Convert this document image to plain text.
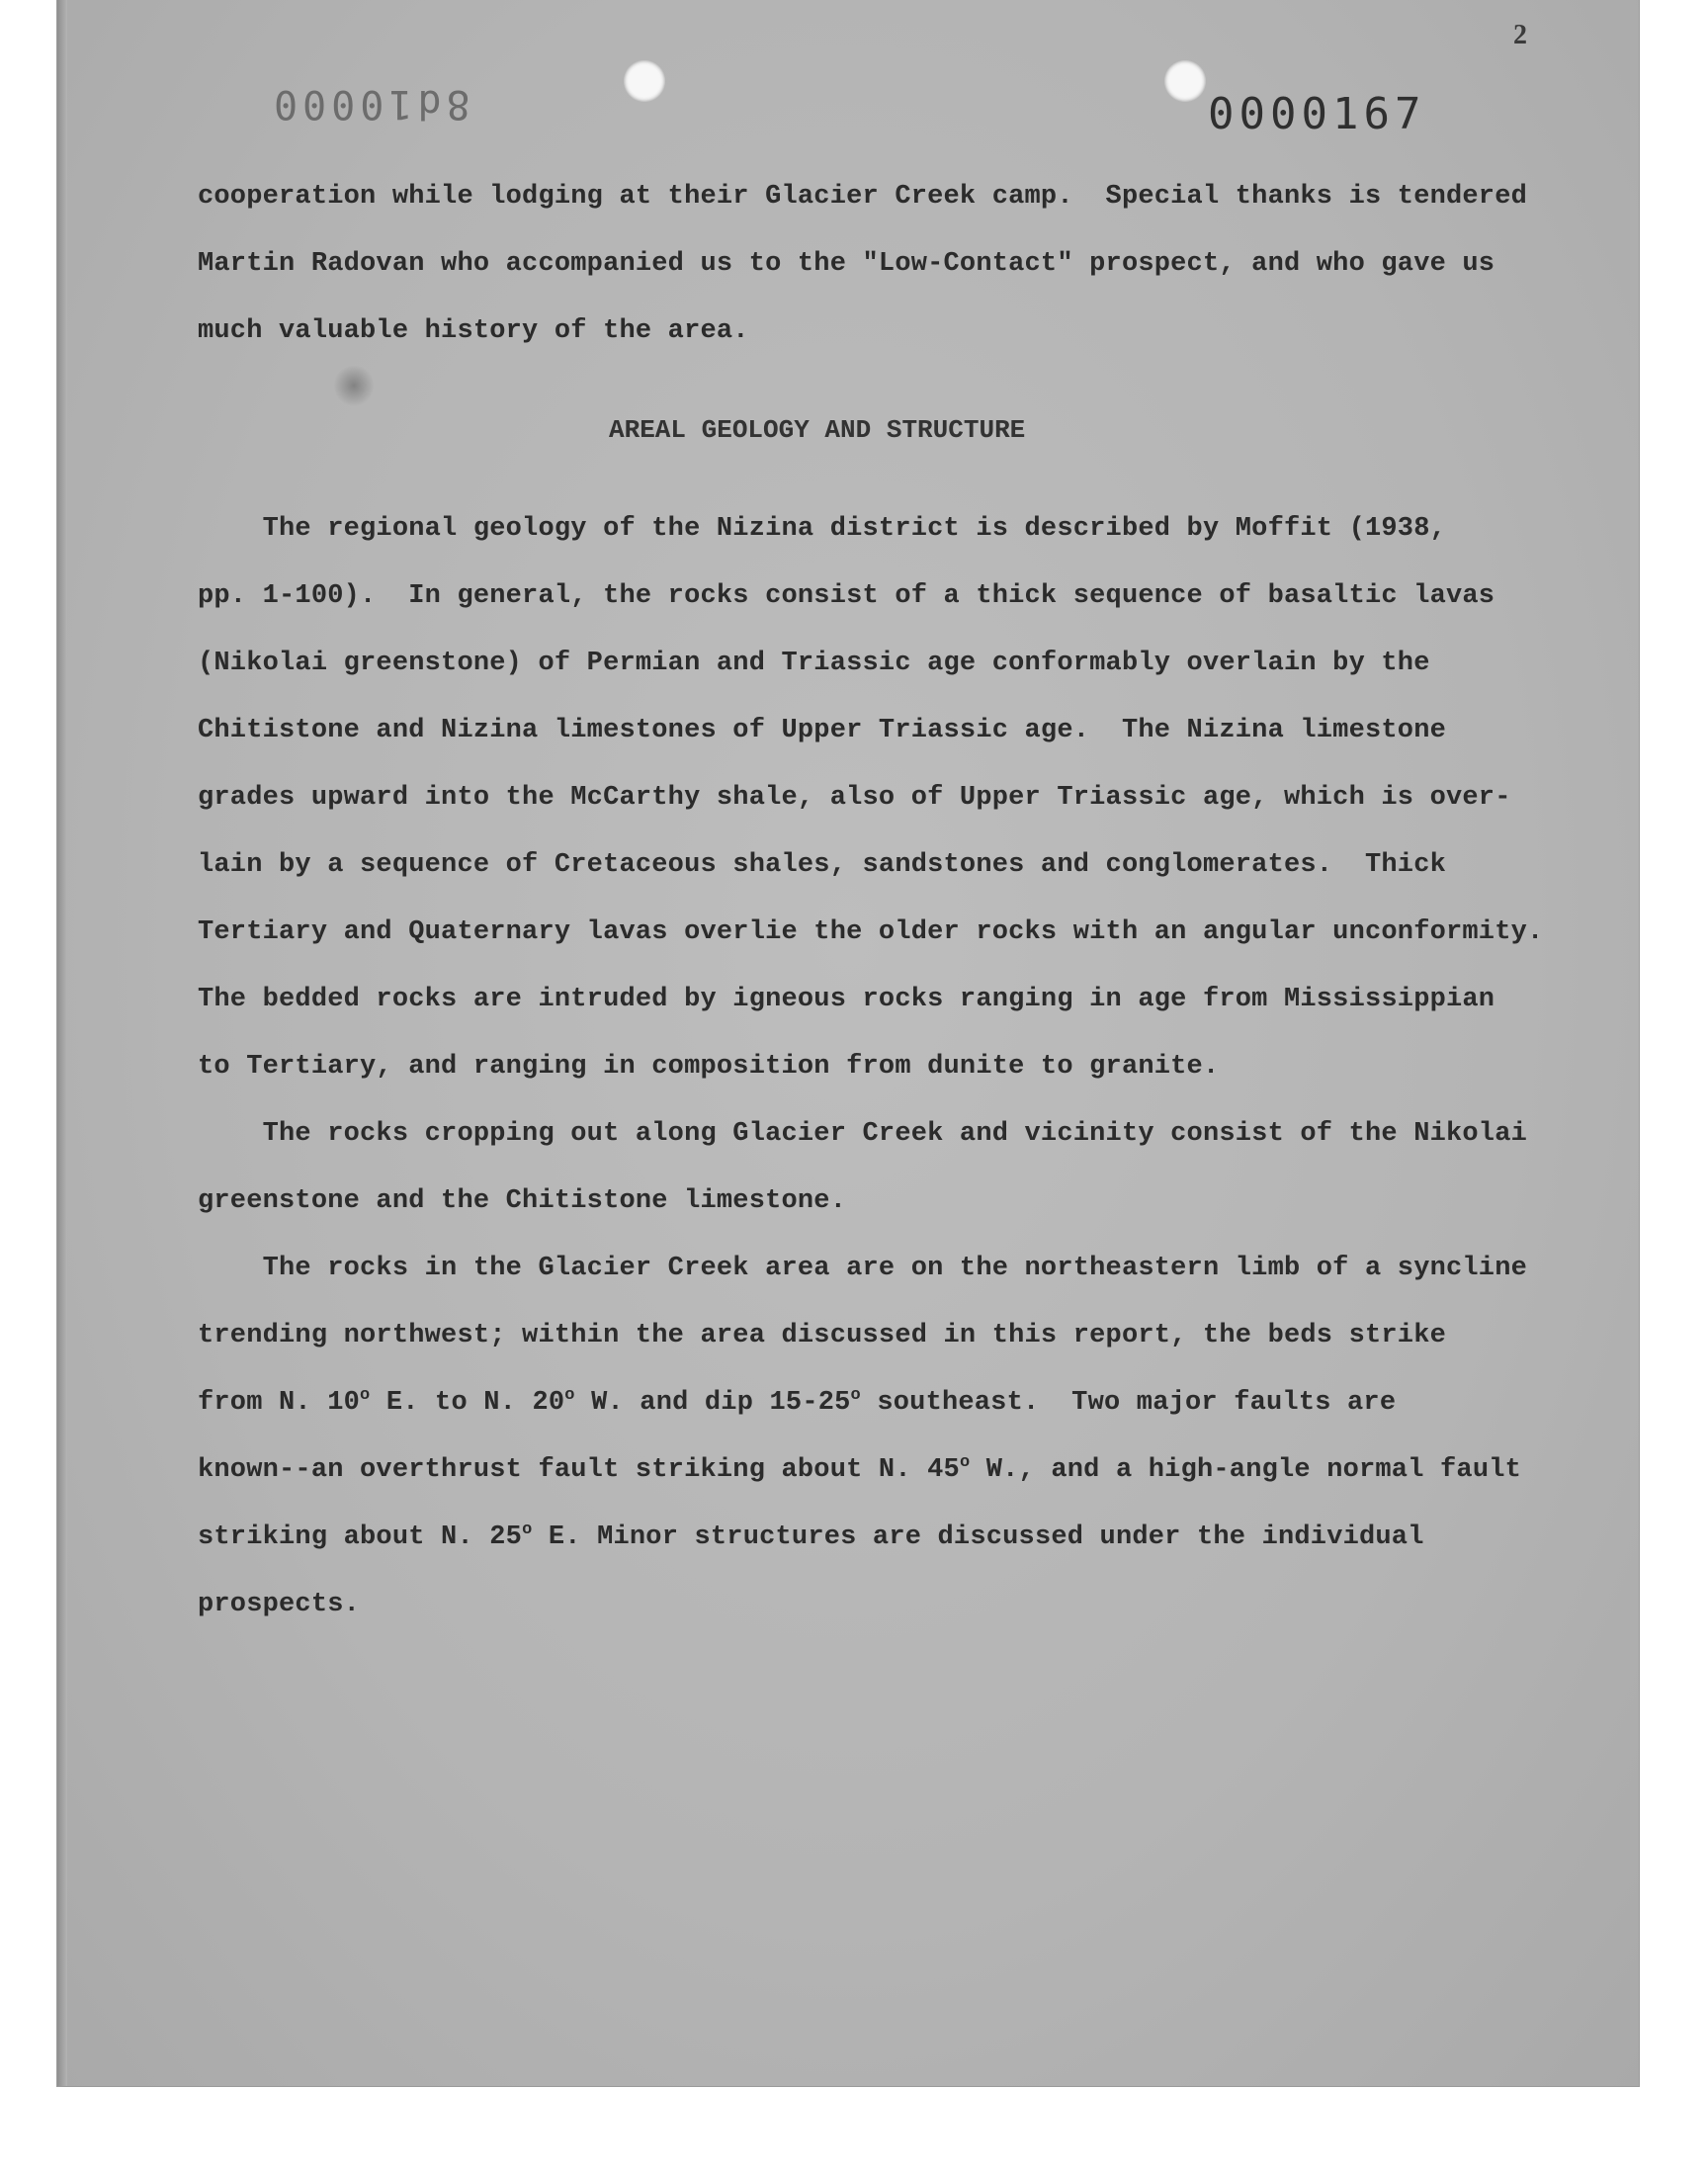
2
8d10000	0000167
cooperation while lodging at their Glacier Creek camp.  Special thanks is tendered
Martin Radovan who accompanied us to the "Low-Contact" prospect, and who gave us
much valuable history of the area.
AREAL GEOLOGY AND STRUCTURE
The regional geology of the Nizina district is described by Moffit (1938,
pp. 1-100).  In general, the rocks consist of a thick sequence of basaltic lavas
(Nikolai greenstone) of Permian and Triassic age conformably overlain by the
Chitistone and Nizina limestones of Upper Triassic age.  The Nizina limestone
grades upward into the McCarthy shale, also of Upper Triassic age, which is over-
lain by a sequence of Cretaceous shales, sandstones and conglomerates.  Thick
Tertiary and Quaternary lavas overlie the older rocks with an angular unconformity.
The bedded rocks are intruded by igneous rocks ranging in age from Mississippian
to Tertiary, and ranging in composition from dunite to granite.
The rocks cropping out along Glacier Creek and vicinity consist of the Nikolai
greenstone and the Chitistone limestone.
The rocks in the Glacier Creek area are on the northeastern limb of a syncline
trending northwest; within the area discussed in this report, the beds strike
from N. 10$^o$ E. to N. 20$^o$ W. and dip 15-25$^o$ southeast.  Two major faults are
known--an overthrust fault striking about N. 45$^o$ W., and a high-angle normal fault
striking about N. 25$^o$ E. Minor structures are discussed under the individual
prospects.
